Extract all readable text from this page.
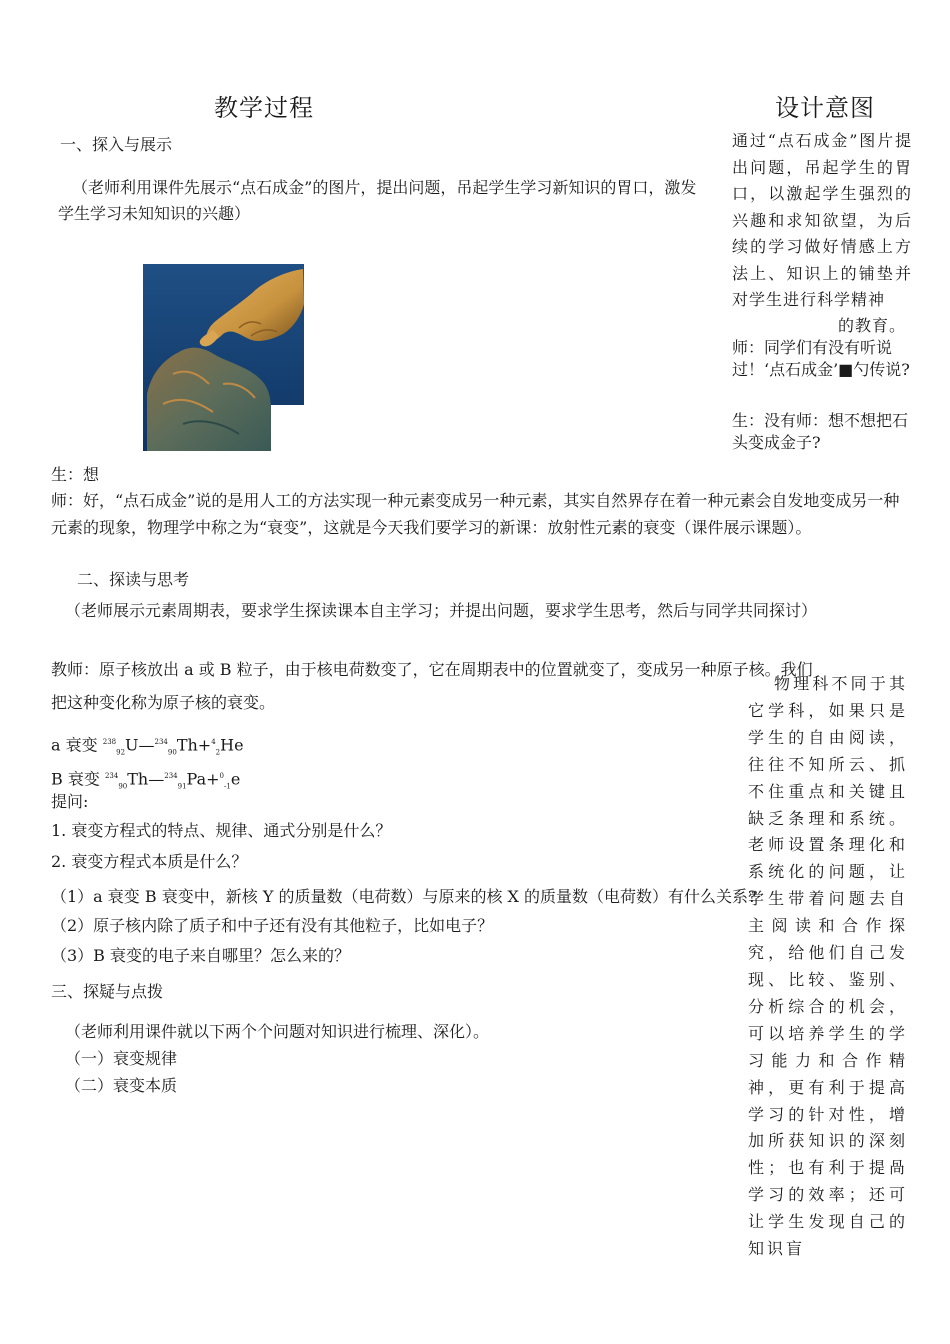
教学过程	设计意图
一、探入与展示
（老师利用课件先展示“点石成金”的图片，提出问题，吊起学生学习新知识的胃口，激发学生学习未知知识的兴趣）
通过“点石成金”图片提出问题，吊起学生的胃口，以激起学生强烈的兴趣和求知欲望，为后续的学习做好情感上方法上、知识上的铺垫并对学生进行科学精神
的教育。
师：同学们有没有听说过！‘点石成金’■勺传说?
生：没有师：想不想把石头变成金子?
生：想
师：好，“点石成金”说的是用人工的方法实现一种元素变成另一种元素，其实自然界存在着一种元素会自发地变成另一种元素的现象，物理学中称之为“衰变”，这就是今天我们要学习的新课：放射性元素的衰变（课件展示课题）。
二、探读与思考
（老师展示元素周期表，要求学生探读课本自主学习；并提出问题，要求学生思考，然后与同学共同探讨）
教师：原子核放出 a 或 B 粒子，由于核电荷数变了，它在周期表中的位置就变了，变成另一种原子核。我们
把这种变化称为原子核的衰变。
a 衰变 $^{238}_{92}$U—$^{234}_{90}$Th+$^4_2$He
B 衰变 $^{234}_{90}$Th—$^{234}_{91}$Pa+$^0_{-1}$e
提问:
1. 衰变方程式的特点、规律、通式分别是什么？
2. 衰变方程式本质是什么？
（1）a 衰变 B 衰变中，新核 Y 的质量数（电荷数）与原来的核 X 的质量数（电荷数）有什么关系?
（2）原子核内除了质子和中子还有没有其他粒子，比如电子？
（3）B 衰变的电子来自哪里？怎么来的？
三、探疑与点拨
（老师利用课件就以下两个个问题对知识进行梳理、深化）。
（一）衰变规律
（二）衰变本质
物理科不同于其它学科，如果只是学生的自由阅读，往往不知所云、抓不住重点和关键且缺乏条理和系统。老师设置条理化和系统化的问题，让学生带着问题去自主阅读和合作探究，给他们自己发现、比较、鉴别、分析综合的机会，可以培养学生的学习能力和合作精神，更有利于提高学习的针对性，增加所获知识的深刻性；也有利于提咼学习的效率；还可让学生发现自己的知识盲
